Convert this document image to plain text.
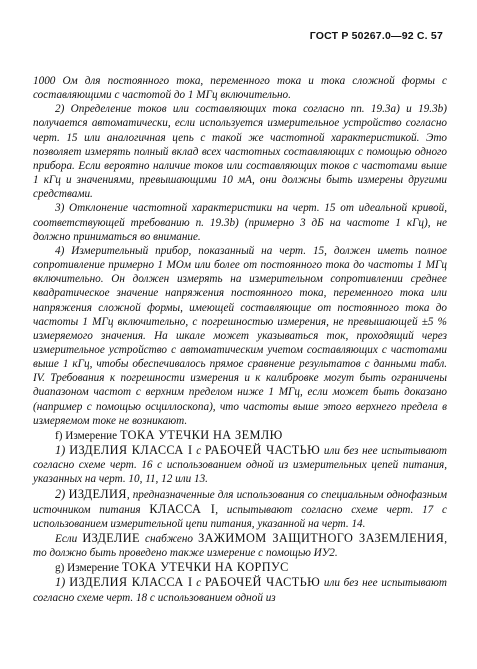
ГОСТ Р 50267.0—92 С. 57

1000 Ом для постоянного тока, переменного тока и тока сложной формы с составляющими с частотой до 1 МГц включительно.

2) Определение токов или составляющих тока согласно пп. 19.3а) и 19.3b) получается автоматически, если используется измерительное устройство согласно черт. 15 или аналогичная цепь с такой же частотной характеристикой. Это позволяет измерять полный вклад всех частотных составляющих с помощью одного прибора. Если вероятно наличие токов или составляющих токов с частотами выше 1 кГц и значениями, превышающими 10 мА, они должны быть измерены другими средствами.

3) Отклонение частотной характеристики на черт. 15 от идеальной кривой, соответствующей требованию п. 19.3b) (примерно 3 дБ на частоте 1 кГц), не должно приниматься во внимание.

4) Измерительный прибор, показанный на черт. 15, должен иметь полное сопротивление примерно 1 МОм или более от постоянного тока до частоты 1 МГц включительно. Он должен измерять на измерительном сопротивлении среднее квадратическое значение напряжения постоянного тока, переменного тока или напряжения сложной формы, имеющей составляющие от постоянного тока до частоты 1 МГц включительно, с погрешностью измерения, не превышающей ±5 % измеряемого значения. На шкале может указываться ток, проходящий через измерительное устройство с автоматическим учетом составляющих с частотами выше 1 кГц, чтобы обеспечивалось прямое сравнение результатов с данными табл. IV. Требования к погрешности измерения и к калибровке могут быть ограничены диапазоном частот с верхним пределом ниже 1 МГц, если может быть доказано (например с помощью осциллоскопа), что частоты выше этого верхнего предела в измеряемом токе не возникают.

f) Измерение ТОКА УТЕЧКИ НА ЗЕМЛЮ

1) ИЗДЕЛИЯ КЛАССА I с РАБОЧЕЙ ЧАСТЬЮ или без нее испытывают согласно схеме черт. 16 с использованием одной из измерительных цепей питания, указанных на черт. 10, 11, 12 или 13.

2) ИЗДЕЛИЯ, предназначенные для использования со специальным однофазным источником питания КЛАССА I, испытывают согласно схеме черт. 17 с использованием измерительной цепи питания, указанной на черт. 14.

Если ИЗДЕЛИЕ снабжено ЗАЖИМОМ ЗАЩИТНОГО ЗАЗЕМЛЕНИЯ, то должно быть проведено также измерение с помощью ИУ2.

g) Измерение ТОКА УТЕЧКИ НА КОРПУС

1) ИЗДЕЛИЯ КЛАССА I с РАБОЧЕЙ ЧАСТЬЮ или без нее испытывают согласно схеме черт. 18 с использованием одной из
